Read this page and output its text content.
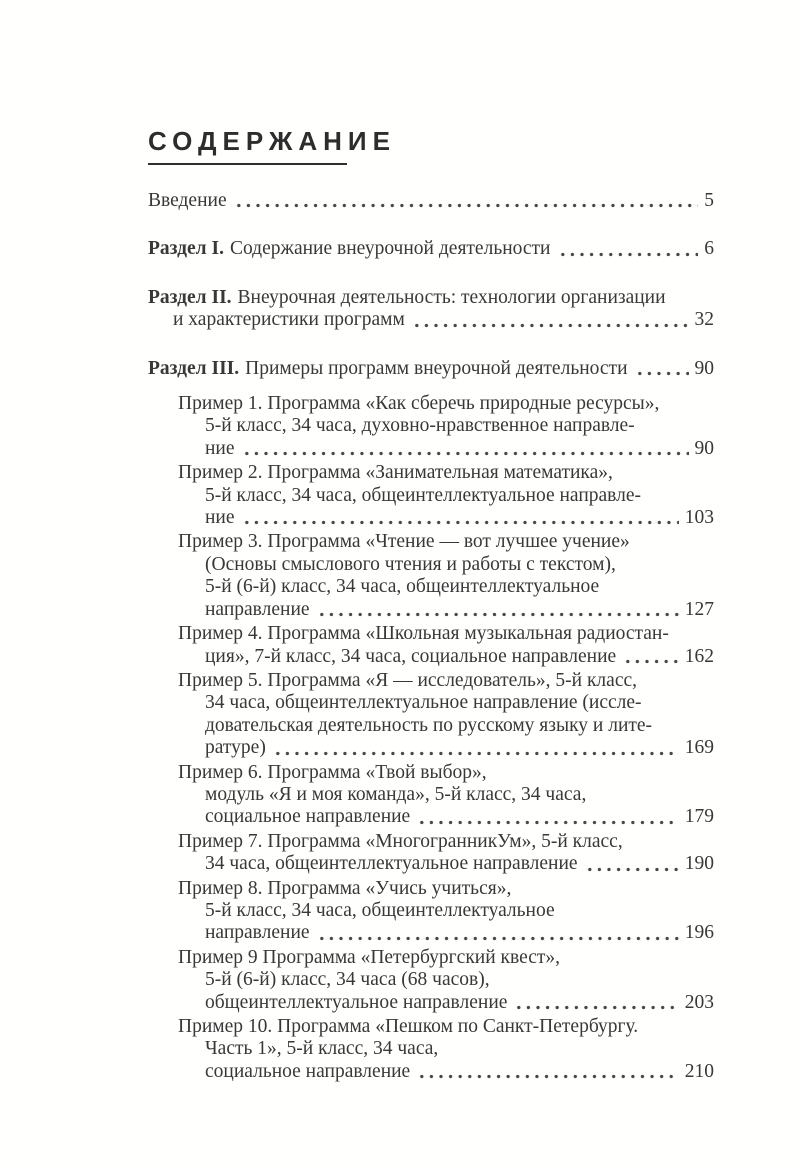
СОДЕРЖАНИЕ
Введение	5
Раздел I. Содержание внеурочной деятельности	6
Раздел II. Внеурочная деятельность: технологии организации
и характеристики программ	32
Раздел III. Примеры программ внеурочной деятельности	90
Пример 1. Программа «Как сберечь природные ресурсы»,
5-й класс, 34 часа, духовно-нравственное направле-
ние	90
Пример 2. Программа «Занимательная математика»,
5-й класс, 34 часа, общеинтеллектуальное направле-
ние	103
Пример 3. Программа «Чтение — вот лучшее учение»
(Основы смыслового чтения и работы с текстом),
5-й (6-й) класс, 34 часа, общеинтеллектуальное
направление	127
Пример 4. Программа «Школьная музыкальная радиостан-
ция», 7-й класс, 34 часа, социальное направление	162
Пример 5. Программа «Я — исследователь», 5-й класс,
34 часа, общеинтеллектуальное направление (иссле-
довательская деятельность по русскому языку и лите-
ратуре)	169
Пример 6. Программа «Твой выбор»,
модуль «Я и моя команда», 5-й класс, 34 часа,
социальное направление	179
Пример 7. Программа «МногогранникУм», 5-й класс,
34 часа, общеинтеллектуальное направление	190
Пример 8. Программа «Учись учиться»,
5-й класс, 34 часа, общеинтеллектуальное
направление	196
Пример 9 Программа «Петербургский квест»,
5-й (6-й) класс, 34 часа (68 часов),
общеинтеллектуальное направление	203
Пример 10. Программа «Пешком по Санкт-Петербургу.
Часть 1», 5-й класс, 34 часа,
социальное направление	210
